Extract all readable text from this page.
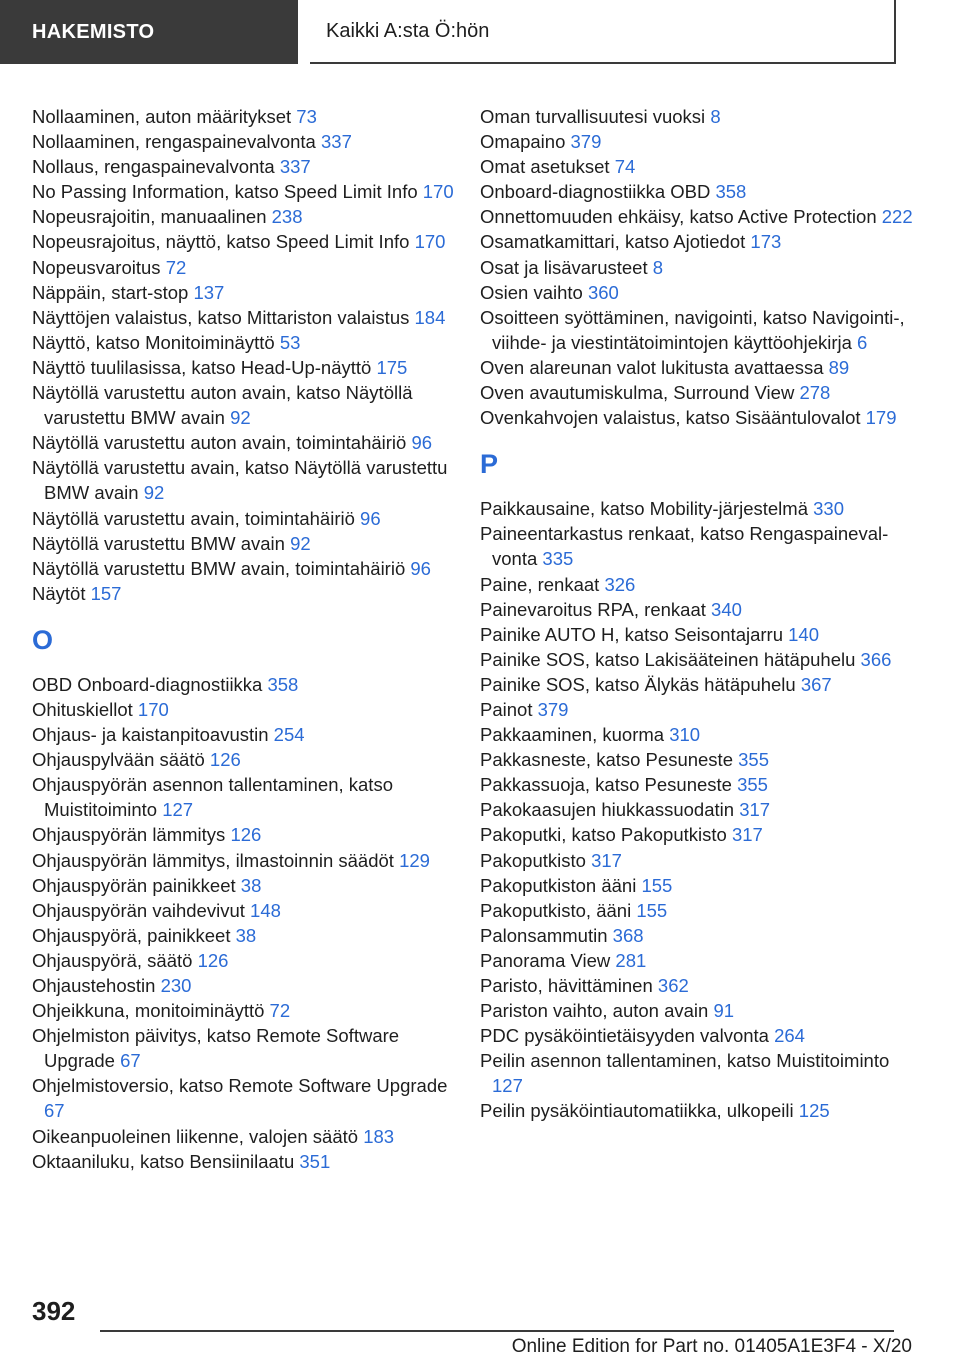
HAKEMISTO	Kaikki A:sta Ö:hön
Nollaaminen, auton määritykset 73
Nollaaminen, rengaspainevalvonta 337
Nollaus, rengaspainevalvonta 337
No Passing Information, katso Speed Limit Info 170
Nopeusrajoitin, manuaalinen 238
Nopeusrajoitus, näyttö, katso Speed Limit Info 170
Nopeusvaroitus 72
Näppäin, start-stop 137
Näyttöjen valaistus, katso Mittariston valaistus 184
Näyttö, katso Monitoiminäyttö 53
Näyttö tuulilasissa, katso Head-Up-näyttö 175
Näytöllä varustettu auton avain, katso Näytöllä varustettu BMW avain 92
Näytöllä varustettu auton avain, toimintahäiriö 96
Näytöllä varustettu avain, katso Näytöllä varustettu BMW avain 92
Näytöllä varustettu avain, toimintahäiriö 96
Näytöllä varustettu BMW avain 92
Näytöllä varustettu BMW avain, toimintahäiriö 96
Näytöt 157
O
OBD Onboard-diagnostiikka 358
Ohituskiellot 170
Ohjaus- ja kaistanpitoavustin 254
Ohjauspylvään säätö 126
Ohjauspyörän asennon tallentaminen, katso Muistitoiminto 127
Ohjauspyörän lämmitys 126
Ohjauspyörän lämmitys, ilmastoinnin säädöt 129
Ohjauspyörän painikkeet 38
Ohjauspyörän vaihdevivut 148
Ohjauspyörä, painikkeet 38
Ohjauspyörä, säätö 126
Ohjaustehostin 230
Ohjeikkuna, monitoiminäyttö 72
Ohjelmiston päivitys, katso Remote Software Upgrade 67
Ohjelmistoversio, katso Remote Software Upgrade 67
Oikeanpuoleinen liikenne, valojen säätö 183
Oktaaniluku, katso Bensiinilaatu 351
Oman turvallisuutesi vuoksi 8
Omapaino 379
Omat asetukset 74
Onboard-diagnostiikka OBD 358
Onnettomuuden ehkäisy, katso Active Protection 222
Osamatkamittari, katso Ajotiedot 173
Osat ja lisävarusteet 8
Osien vaihto 360
Osoitteen syöttäminen, navigointi, katso Navigointi-, viihde- ja viestintätoimintojen käyttöohjekirja 6
Oven alareunan valot lukitusta avattaessa 89
Oven avautumiskulma, Surround View 278
Ovenkahvojen valaistus, katso Sisääntulovalot 179
P
Paikkausaine, katso Mobility-järjestelmä 330
Paineentarkastus renkaat, katso Rengaspainevalvonta 335
Paine, renkaat 326
Painevaroitus RPA, renkaat 340
Painike AUTO H, katso Seisontajarru 140
Painike SOS, katso Lakisääteinen hätäpuhelu 366
Painike SOS, katso Älykäs hätäpuhelu 367
Painot 379
Pakkaaminen, kuorma 310
Pakkasneste, katso Pesuneste 355
Pakkassuoja, katso Pesuneste 355
Pakokaasujen hiukkassuodatin 317
Pakoputki, katso Pakoputkisto 317
Pakoputkisto 317
Pakoputkiston ääni 155
Pakoputkisto, ääni 155
Palonsammutin 368
Panorama View 281
Paristo, hävittäminen 362
Pariston vaihto, auton avain 91
PDC pysäköintietäisyyden valvonta 264
Peilin asennon tallentaminen, katso Muistitoiminto 127
Peilin pysäköintiautomatiikka, ulkopeili 125
392
Online Edition for Part no. 01405A1E3F4 - X/20
